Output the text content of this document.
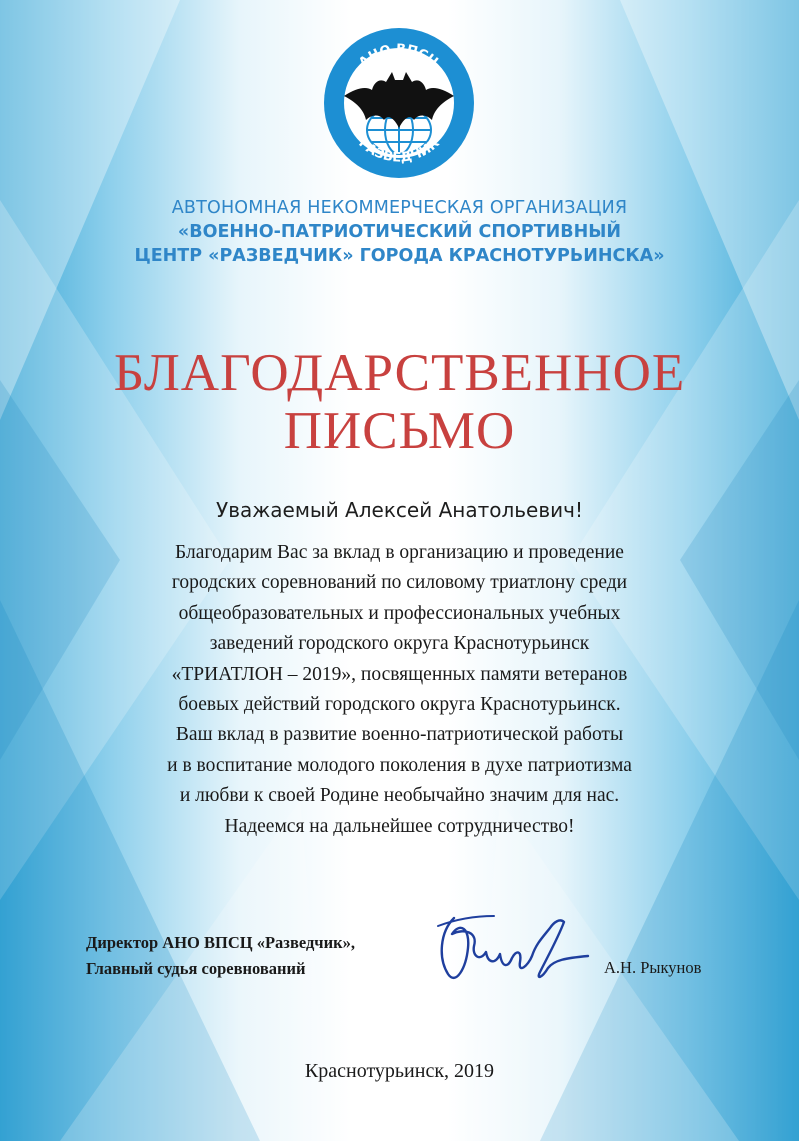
АНО ВПСЦ
РАЗВЕДЧИК
АВТОНОМНАЯ НЕКОММЕРЧЕСКАЯ ОРГАНИЗАЦИЯ
«ВОЕННО-ПАТРИОТИЧЕСКИЙ СПОРТИВНЫЙ
ЦЕНТР «РАЗВЕДЧИК» ГОРОДА КРАСНОТУРЬИНСКА»
БЛАГОДАРСТВЕННОЕ
ПИСЬМО
Уважаемый Алексей Анатольевич!
Благодарим Вас за вклад в организацию и проведение
городских соревнований по силовому триатлону среди
общеобразовательных и профессиональных учебных
заведений городского округа Краснотурьинск
«ТРИАТЛОН – 2019», посвященных памяти ветеранов
боевых действий городского округа Краснотурьинск.
Ваш вклад в развитие военно-патриотической работы
и в воспитание молодого поколения в духе патриотизма
и любви к своей Родине необычайно значим для нас.
Надеемся на дальнейшее сотрудничество!
Директор АНО ВПСЦ «Разведчик»,
Главный судья соревнований	А.Н. Рыкунов
Краснотурьинск, 2019
